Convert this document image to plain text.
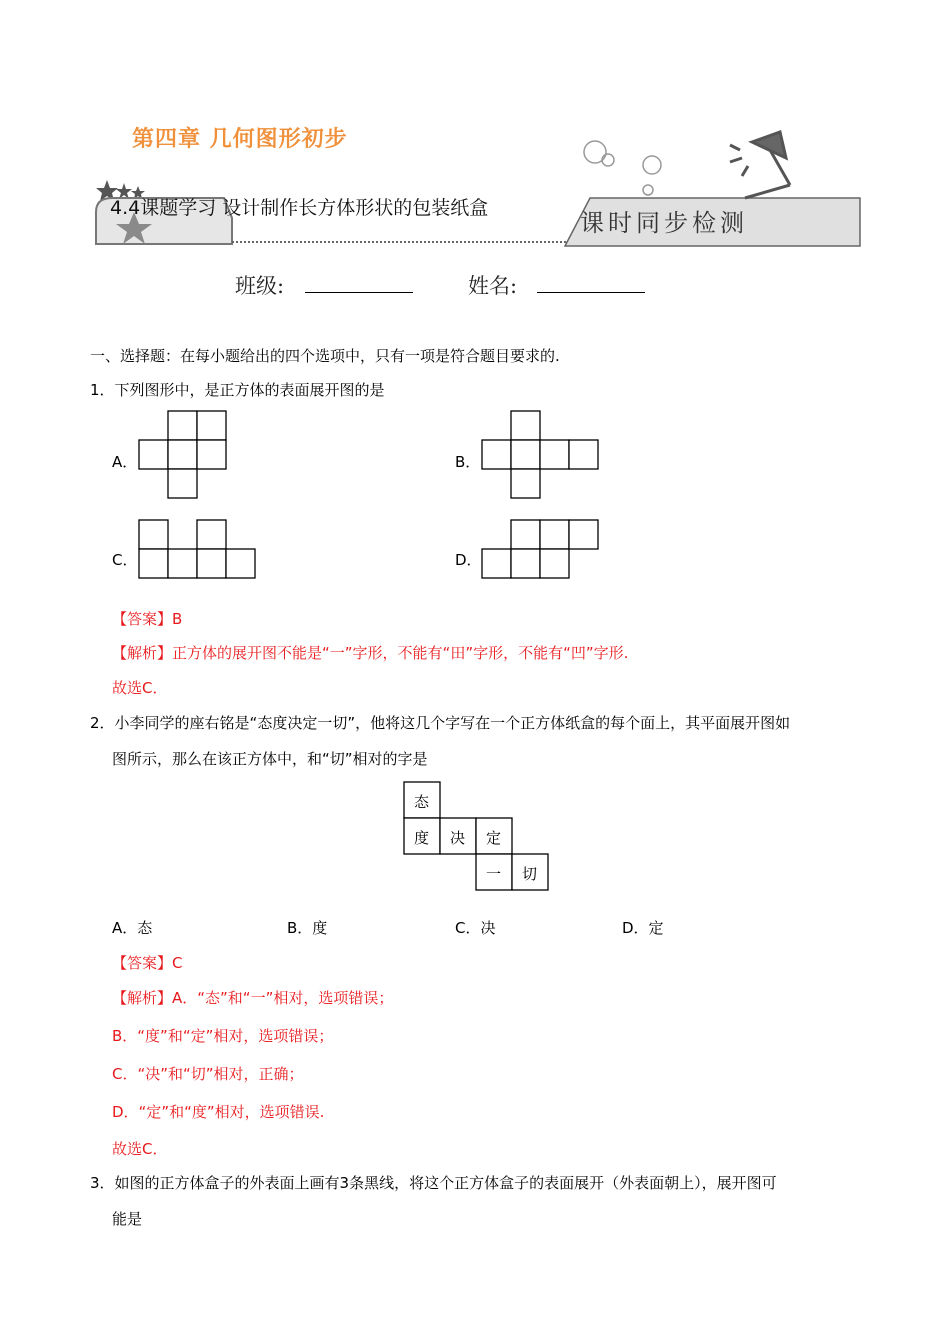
第四章 几何图形初步
4.4课题学习 设计制作长方体形状的包装纸盒
课时同步检测
班级:	姓名:
一、选择题：在每小题给出的四个选项中，只有一项是符合题目要求的.
1．下列图形中，是正方体的表面展开图的是
A．	B．
C．	D．
【答案】B
【解析】正方体的展开图不能是“一”字形，不能有“田”字形，不能有“凹”字形.
故选C．
2．小李同学的座右铭是“态度决定一切”，他将这几个字写在一个正方体纸盒的每个面上，其平面展开图如
图所示，那么在该正方体中，和“切”相对的字是
态
度 决 定
一 切
A．态	B．度	C．决	D．定
【答案】C
【解析】A．“态”和“一”相对，选项错误；
B．“度”和“定”相对，选项错误；
C．“决”和“切”相对，正确；
D．“定”和“度”相对，选项错误.
故选C．
3．如图的正方体盒子的外表面上画有3条黑线，将这个正方体盒子的表面展开（外表面朝上），展开图可
能是
